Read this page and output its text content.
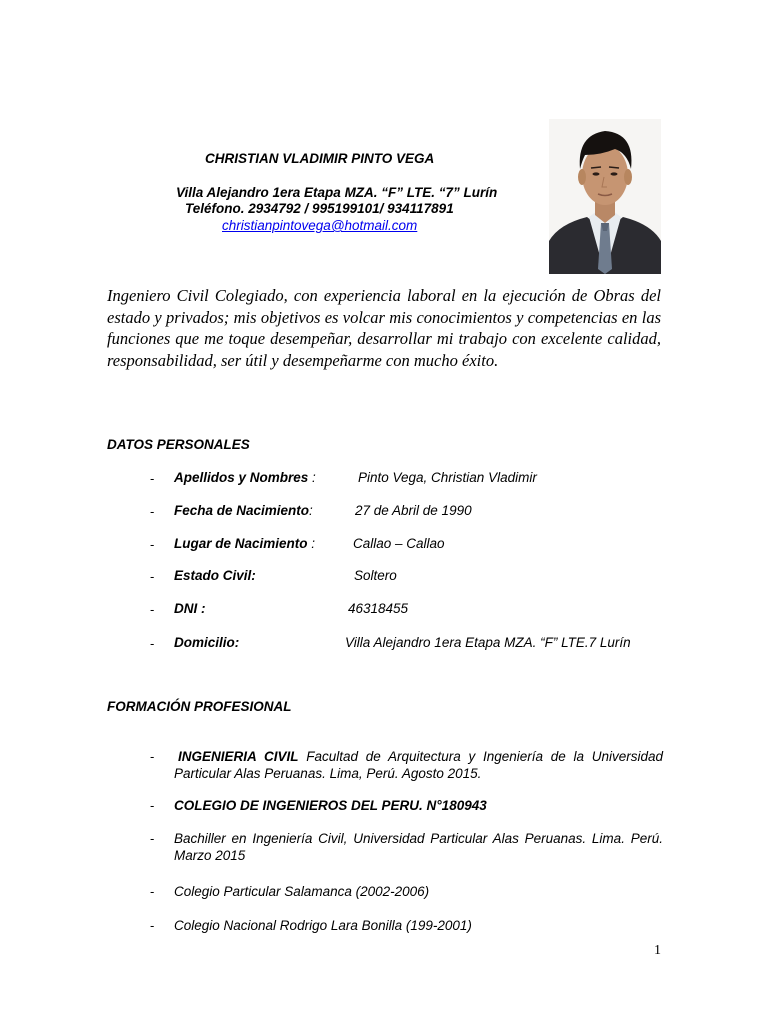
CHRISTIAN VLADIMIR PINTO VEGA
Villa Alejandro 1era Etapa MZA. “F” LTE. “7” Lurín
Teléfono. 2934792 / 995199101/ 934117891
christianpintovega@hotmail.com
Ingeniero Civil Colegiado, con experiencia laboral en la ejecución de Obras del estado y privados; mis objetivos es volcar mis conocimientos y competencias en las funciones que me toque desempeñar, desarrollar mi trabajo con excelente calidad, responsabilidad, ser útil y desempeñarme con mucho éxito.
DATOS PERSONALES
- Apellidos y Nombres :	Pinto Vega, Christian Vladimir
- Fecha de Nacimiento:	27 de Abril de 1990
- Lugar de Nacimiento :	Callao – Callao
- Estado Civil:	Soltero
- DNI :	46318455
- Domicilio:	Villa Alejandro 1era Etapa MZA. “F” LTE.7 Lurín
FORMACIÓN PROFESIONAL
- INGENIERIA CIVIL Facultad de Arquitectura y Ingeniería de la Universidad Particular Alas Peruanas. Lima, Perú. Agosto 2015.
- COLEGIO DE INGENIEROS DEL PERU. N°180943
- Bachiller en Ingeniería Civil, Universidad Particular Alas Peruanas. Lima. Perú. Marzo 2015
- Colegio Particular Salamanca (2002-2006)
- Colegio Nacional Rodrigo Lara Bonilla (199-2001)
1
